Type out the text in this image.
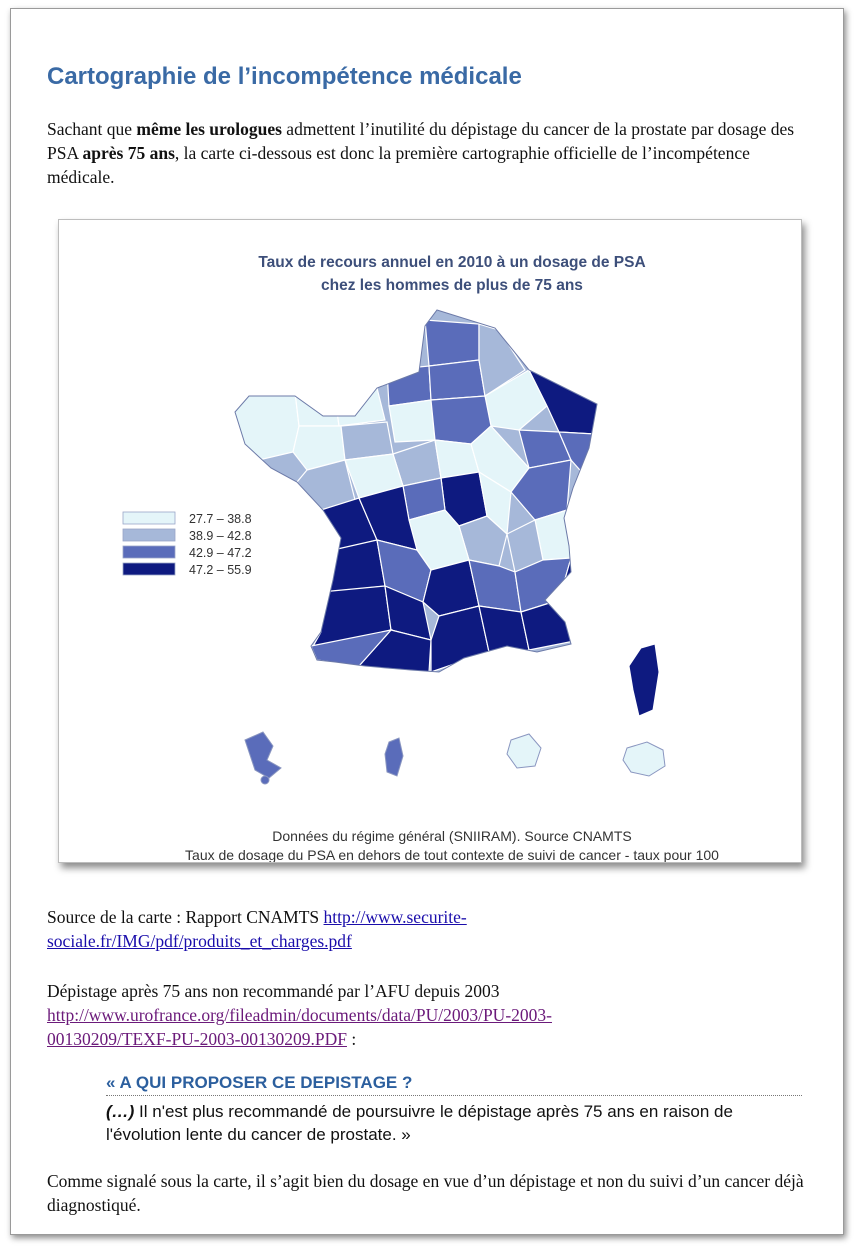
Cartographie de l’incompétence médicale

Sachant que même les urologues admettent l’inutilité du dépistage du cancer de la prostate par dosage des PSA après 75 ans, la carte ci-dessous est donc la première cartographie officielle de l’incompétence médicale.

Taux de recours annuel en 2010 à un dosage de PSA
chez les hommes de plus de 75 ans
27.7 – 38.8
38.9 – 42.8
42.9 – 47.2
47.2 – 55.9
Données du régime général (SNIIRAM). Source CNAMTS
Taux de dosage du PSA en dehors de tout contexte de suivi de cancer - taux pour 100

Source de la carte : Rapport CNAMTS http://www.securite-
sociale.fr/IMG/pdf/produits_et_charges.pdf

Dépistage après 75 ans non recommandé par l’AFU depuis 2003
http://www.urofrance.org/fileadmin/documents/data/PU/2003/PU-2003-
00130209/TEXF-PU-2003-00130209.PDF :

« A QUI PROPOSER CE DEPISTAGE ?
(…) Il n'est plus recommandé de poursuivre le dépistage après 75 ans en raison de l'évolution lente du cancer de prostate. »

Comme signalé sous la carte, il s’agit bien du dosage en vue d’un dépistage et non du suivi d’un cancer déjà diagnostiqué.
